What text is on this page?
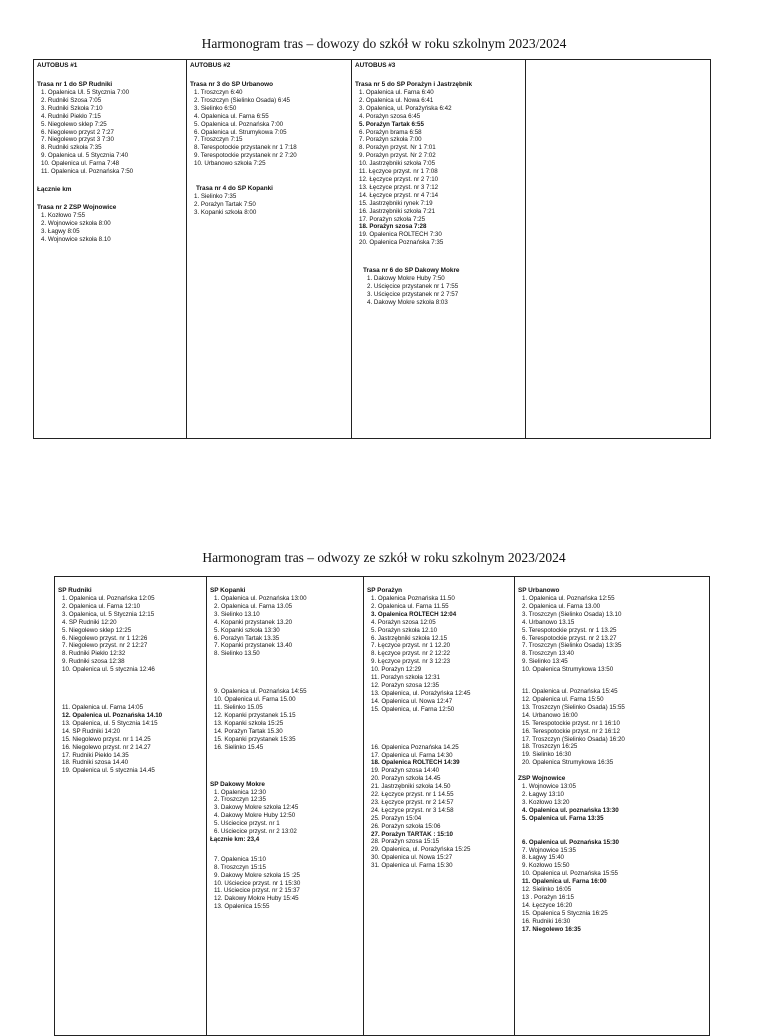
Harmonogram tras – dowozy do szkół w roku szkolnym 2023/2024
AUTOBUS #1
Trasa nr 1 do SP Rudniki
1. Opalenica Ul. 5 Stycznia 7:00
2. Rudniki Szosa 7:05
3. Rudniki Szkoła 7:10
4. Rudniki Piekło 7:15
5. Niegolewo sklep 7:25
6. Niegolewo przyst 2 7:27
7. Niegolewo przyst 3 7:30
8. Rudniki szkoła 7:35
9. Opalenica ul. 5 Stycznia 7:40
10. Opalenica ul. Farna 7:48
11. Opalenica ul. Poznańska 7:50
Łącznie km
Trasa nr 2 ZSP Wojnowice
1. Kozłowo 7:55
2. Wojnowice szkoła 8:00
3. Łagwy 8:05
4. Wojnowice szkoła 8.10

AUTOBUS #2
Trasa nr 3 do SP Urbanowo
1. Troszczyn 6:40
2. Troszczyn (Sielinko Osada) 6:45
3. Sielinko 6:50
4. Opalenica ul. Farna 6:55
5. Opalenica ul. Poznańska 7:00
6. Opalenica ul. Strumykowa 7:05
7. Troszczyn 7:15
8. Terespotockie przystanek nr 1 7:18
9. Terespotockie przystanek nr 2 7:20
10. Urbanowo szkoła 7:25
Trasa nr 4 do SP Kopanki
1. Sielinko 7:35
2. Porażyn Tartak 7:50
3. Kopanki szkoła 8:00

AUTOBUS #3
Trasa nr 5 do SP Porażyn i Jastrzębnik
1. Opalenica ul. Farna 6:40
2. Opalenica ul. Nowa 6:41
3. Opalenica, ul. Porażyńska 6:42
4. Porażyn szosa 6:45
5. Porażyn Tartak 6:55
6. Porażyn brama 6:58
7. Porażyn szkoła 7:00
8. Porażyn przyst. Nr 1 7:01
9. Porażyn przyst. Nr 2 7:02
10. Jastrzębniki szkoła 7:05
11. Łęczyce przyst. nr 1 7:08
12. Łęczyce przyst. nr 2 7:10
13. Łęczyce przyst. nr 3 7:12
14. Łęczyce przyst. nr 4 7:14
15. Jastrzębniki rynek 7:19
16. Jastrzębniki szkoła 7:21
17. Porażyn szkoła 7:25
18. Porażyn szosa 7:28
19. Opalenica ROLTECH 7:30
20. Opalenica Poznańska 7:35
Trasa nr 6 do SP Dakowy Mokre
1. Dakowy Mokre Huby 7:50
2. Uścięcice przystanek nr 1 7:55
3. Uścięcice przystanek nr 2 7:57
4. Dakowy Mokre szkoła 8:03

Harmonogram tras – odwozy ze szkół w roku szkolnym 2023/2024
SP Rudniki
1. Opalenica ul. Poznańska 12:05
2. Opalenica ul. Farna 12:10
3. Opalenica, ul. 5 Stycznia 12:15
4. SP Rudniki 12:20
5. Niegolewo sklep 12:25
6. Niegolewo przyst. nr 1 12:26
7. Niegolewo przyst. nr 2 12:27
8. Rudniki Piekło 12:32
9. Rudniki szosa 12:38
10. Opalenica ul. 5 stycznia 12:46
11. Opalenica ul. Farna 14:05
12. Opalenica ul. Poznańska 14.10
13. Opalenica, ul. 5 Stycznia 14:15
14. SP Rudniki 14:20
15. Niegolewo przyst. nr 1 14.25
16. Niegolewo przyst. nr 2 14.27
17. Rudniki Piekło 14.35
18. Rudniki szosa 14.40
19. Opalenica ul. 5 stycznia 14.45

SP Kopanki
1. Opalenica ul. Poznańska 13:00
2. Opalenica ul. Farna 13.05
3. Sielinko 13.10
4. Kopanki przystanek 13.20
5. Kopanki szkoła 13:30
6. Porażyn Tartak 13.35
7. Kopanki przystanek 13.40
8. Sielinko 13.50
9. Opalenica ul. Poznańska 14:55
10. Opalenica ul. Farna 15.00
11. Sielinko 15.05
12. Kopanki przystanek 15.15
13. Kopanki szkoła 15:25
14. Porażyn Tartak 15.30
15. Kopanki przystanek 15:35
16. Sielinko 15.45
SP Dakowy Mokre
1. Opalenica 12:30
2. Troszczyn 12:35
3. Dakowy Mokre szkoła 12:45
4. Dakowy Mokre Huby 12:50
5. Uściecice przyst. nr 1
6. Uściecice przyst. nr 2 13:02
Łącznie km: 23,4
7. Opalenica 15:10
8. Troszczyn 15:15
9. Dakowy Mokre szkoła 15 :25
10. Uściecice przyst. nr 1 15:30
11. Uściecice przyst. nr 2 15:37
12. Dakowy Mokre Huby 15:45
13. Opalenica 15:55

SP Porażyn
1. Opalenica Poznańska 11.50
2. Opalenica ul. Farna 11.55
3. Opalenica ROLTECH 12:04
4. Porażyn szosa 12:05
5. Porażyn szkoła 12.10
6. Jastrzębniki szkoła 12.15
7. Łęczyce przyst. nr 1 12.20
8. Łęczyce przyst. nr 2 12:22
9. Łęczyce przyst. nr 3 12:23
10. Porażyn 12:29
11. Porażyn szkoła 12:31
12. Porażyn szosa 12:35
13. Opalenica, ul. Porażyńska 12:45
14. Opalenica ul. Nowa 12:47
15. Opalenica, ul. Farna 12:50
16. Opalenica Poznańska 14.25
17. Opalenica ul. Farna 14:30
18. Opalenica ROLTECH 14:39
19. Porażyn szosa 14:40
20. Porażyn szkoła 14.45
21. Jastrzębniki szkoła 14.50
22. Łęczyce przyst. nr 1 14.55
23. Łęczyce przyst. nr 2 14:57
24. Łęczyce przyst. nr 3 14:58
25. Porażyn 15:04
26. Porażyn szkoła 15:06
27. Porażyn TARTAK : 15:10
28. Porażyn szosa 15:15
29. Opalenica, ul. Porażyńska 15:25
30. Opalenica ul. Nowa 15:27
31. Opalenica ul. Farna 15:30

SP Urbanowo
1. Opalenica ul. Poznańska 12:55
2. Opalenica ul. Farna 13.00
3. Troszczyn (Sielinko Osada) 13.10
4. Urbanowo 13.15
5. Terespotockie przyst. nr 1 13.25
6. Terespotockie przyst. nr 2 13.27
7. Troszczyn (Sielinko Osada) 13:35
8. Troszczyn 13:40
9. Sielinko 13:45
10. Opalenica Strumykowa 13:50
11. Opalenica ul. Poznańska 15:45
12. Opalenica ul. Farna 15:50
13. Troszczyn (Sielinko Osada) 15:55
14. Urbanowo 16:00
15. Terespotockie przyst. nr 1 16:10
16. Terespotockie przyst. nr 2 16:12
17. Troszczyn (Sielinko Osada) 16:20
18. Troszczyn 16:25
19. Sielinko 16:30
20. Opalenica Strumykowa 16:35
ZSP Wojnowice
1. Wojnowice 13:05
2. Łagwy 13:10
3. Kozłowo 13:20
4. Opalenica ul. poznańska 13:30
5. Opalenica ul. Farna 13:35
6. Opalenica ul. Poznańska 15:30
7. Wojnowice 15:35
8. Łagwy 15:40
9. Kozłowo 15:50
10. Opalenica ul. Poznańska 15:55
11. Opalenica ul. Farna 16:00
12. Sielinko 16:05
13 . Porażyn 16:15
14. Łęczyce 16:20
15. Opalenica 5 Stycznia 16:25
16. Rudniki 16:30
17. Niegolewo 16:35
